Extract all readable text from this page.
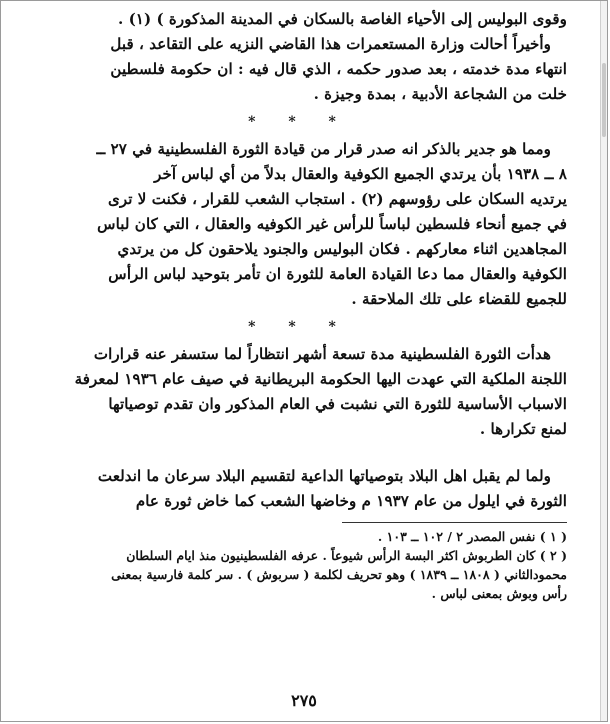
وقوى البوليس إلى الأحياء الغاصة بالسكان في المدينة المذكورة ) (١) .
وأخيراً أحالت وزارة المستعمرات هذا القاضي النزيه على التقاعد ، قبل
انتهاء مدة خدمته ، بعد صدور حكمه ، الذي قال فيه : ان حكومة فلسطين
خلت من الشجاعة الأدبية ، بمدة وجيزة .
* * *
ومما هو جدير بالذكر انه صدر قرار من قيادة الثورة الفلسطينية في ٢٧ ــ
٨ ــ ١٩٣٨ بأن يرتدي الجميع الكوفية والعقال بدلاً من أي لباس آخر
يرتديه السكان على رؤوسهم (٢) . استجاب الشعب للقرار ، فكنت لا ترى
في جميع أنحاء فلسطين لباساً للرأس غير الكوفيه والعقال ، التي كان لباس
المجاهدين اثناء معاركهم . فكان البوليس والجنود يلاحقون كل من يرتدي
الكوفية والعقال مما دعا القيادة العامة للثورة ان تأمر بتوحيد لباس الرأس
للجميع للقضاء على تلك الملاحقة .
* * *
هدأت الثورة الفلسطينية مدة تسعة أشهر انتظاراً لما ستسفر عنه قرارات
اللجنة الملكية التي عهدت اليها الحكومة البريطانية في صيف عام ١٩٣٦ لمعرفة
الاسباب الأساسية للثورة التي نشبت في العام المذكور وان تقدم توصياتها
لمنع تكرارها .
ولما لم يقبل اهل البلاد بتوصياتها الداعية لتقسيم البلاد سرعان ما اندلعت
الثورة في ايلول من عام ١٩٣٧ م وخاضها الشعب كما خاض ثورة عام
( ١ ) نفس المصدر ٢ / ١٠٢ ــ ١٠٣ .
( ٢ ) كان الطربوش اكثر البسة الرأس شيوعاً . عرفه الفلسطينيون منذ ايام السلطان
محمودالثاني ( ١٨٠٨ ــ ١٨٣٩ ) وهو تحريف لكلمة ( سربوش ) . سر كلمة فارسية بمعنى
رأس وبوش بمعنى لباس .
٢٧٥
